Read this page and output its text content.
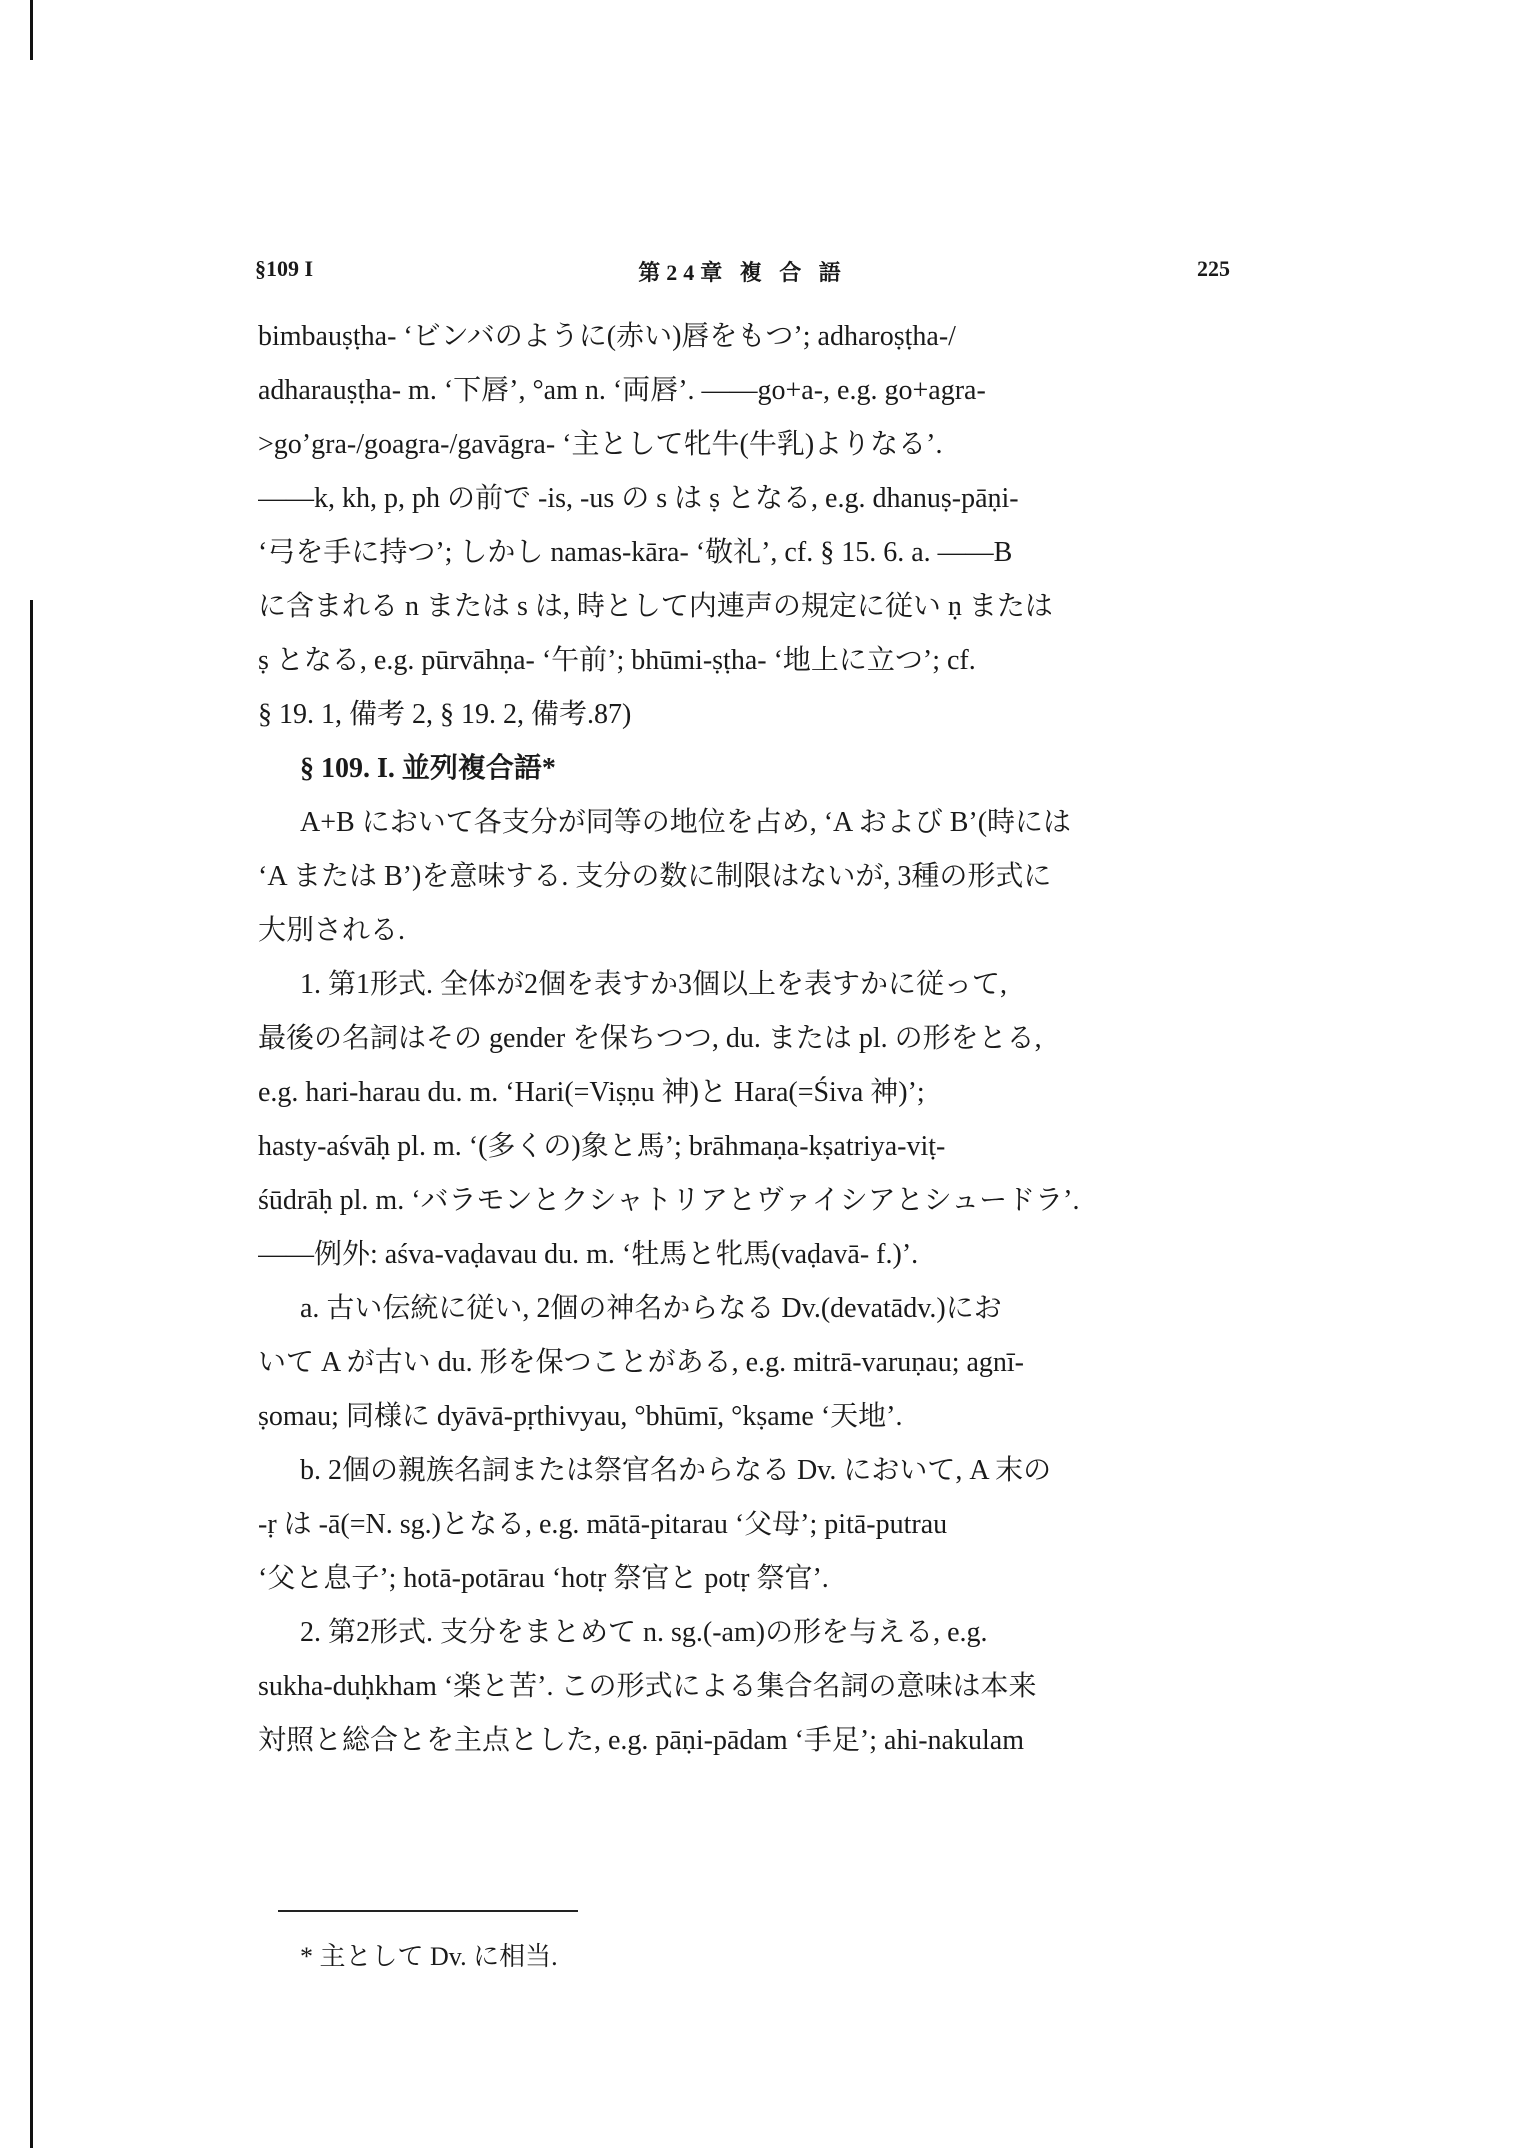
§109 I	第24章 複 合 語	225
bimbauṣṭha- ‘ビンバのように(赤い)唇をもつ’; adharoṣṭha-/
adharauṣṭha- m. ‘下唇’, °am n. ‘両唇’. ——go+a-, e.g. go+agra-
>go’gra-/goagra-/gavāgra- ‘主として牝牛(牛乳)よりなる’.
——k, kh, p, ph の前で -is, -us の s は ṣ となる, e.g. dhanuṣ-pāṇi-
‘弓を手に持つ’; しかし namas-kāra- ‘敬礼’, cf. § 15. 6. a. ——B
に含まれる n または s は, 時として内連声の規定に従い ṇ または
ṣ となる, e.g. pūrvāhṇa- ‘午前’; bhūmi-ṣṭha- ‘地上に立つ’; cf.
§ 19. 1, 備考 2, § 19. 2, 備考.87)
§ 109. I. 並列複合語*
A+B において各支分が同等の地位を占め, ‘A および B’(時には
‘A または B’)を意味する. 支分の数に制限はないが, 3種の形式に
大別される.
1. 第1形式. 全体が2個を表すか3個以上を表すかに従って,
最後の名詞はその gender を保ちつつ, du. または pl. の形をとる,
e.g. hari-harau du. m. ‘Hari(=Viṣṇu 神)と Hara(=Śiva 神)’;
hasty-aśvāḥ pl. m. ‘(多くの)象と馬’; brāhmaṇa-kṣatriya-viṭ-
śūdrāḥ pl. m. ‘バラモンとクシャトリアとヴァイシアとシュードラ’.
——例外: aśva-vaḍavau du. m. ‘牡馬と牝馬(vaḍavā- f.)’.
a. 古い伝統に従い, 2個の神名からなる Dv.(devatādv.)にお
いて A が古い du. 形を保つことがある, e.g. mitrā-varuṇau; agnī-
ṣomau; 同様に dyāvā-pṛthivyau, °bhūmī, °kṣame ‘天地’.
b. 2個の親族名詞または祭官名からなる Dv. において, A 末の
-ṛ は -ā(=N. sg.)となる, e.g. mātā-pitarau ‘父母’; pitā-putrau
‘父と息子’; hotā-potārau ‘hotṛ 祭官と potṛ 祭官’.
2. 第2形式. 支分をまとめて n. sg.(-am)の形を与える, e.g.
sukha-duḥkham ‘楽と苦’. この形式による集合名詞の意味は本来
対照と総合とを主点とした, e.g. pāṇi-pādam ‘手足’; ahi-nakulam
* 主として Dv. に相当.
